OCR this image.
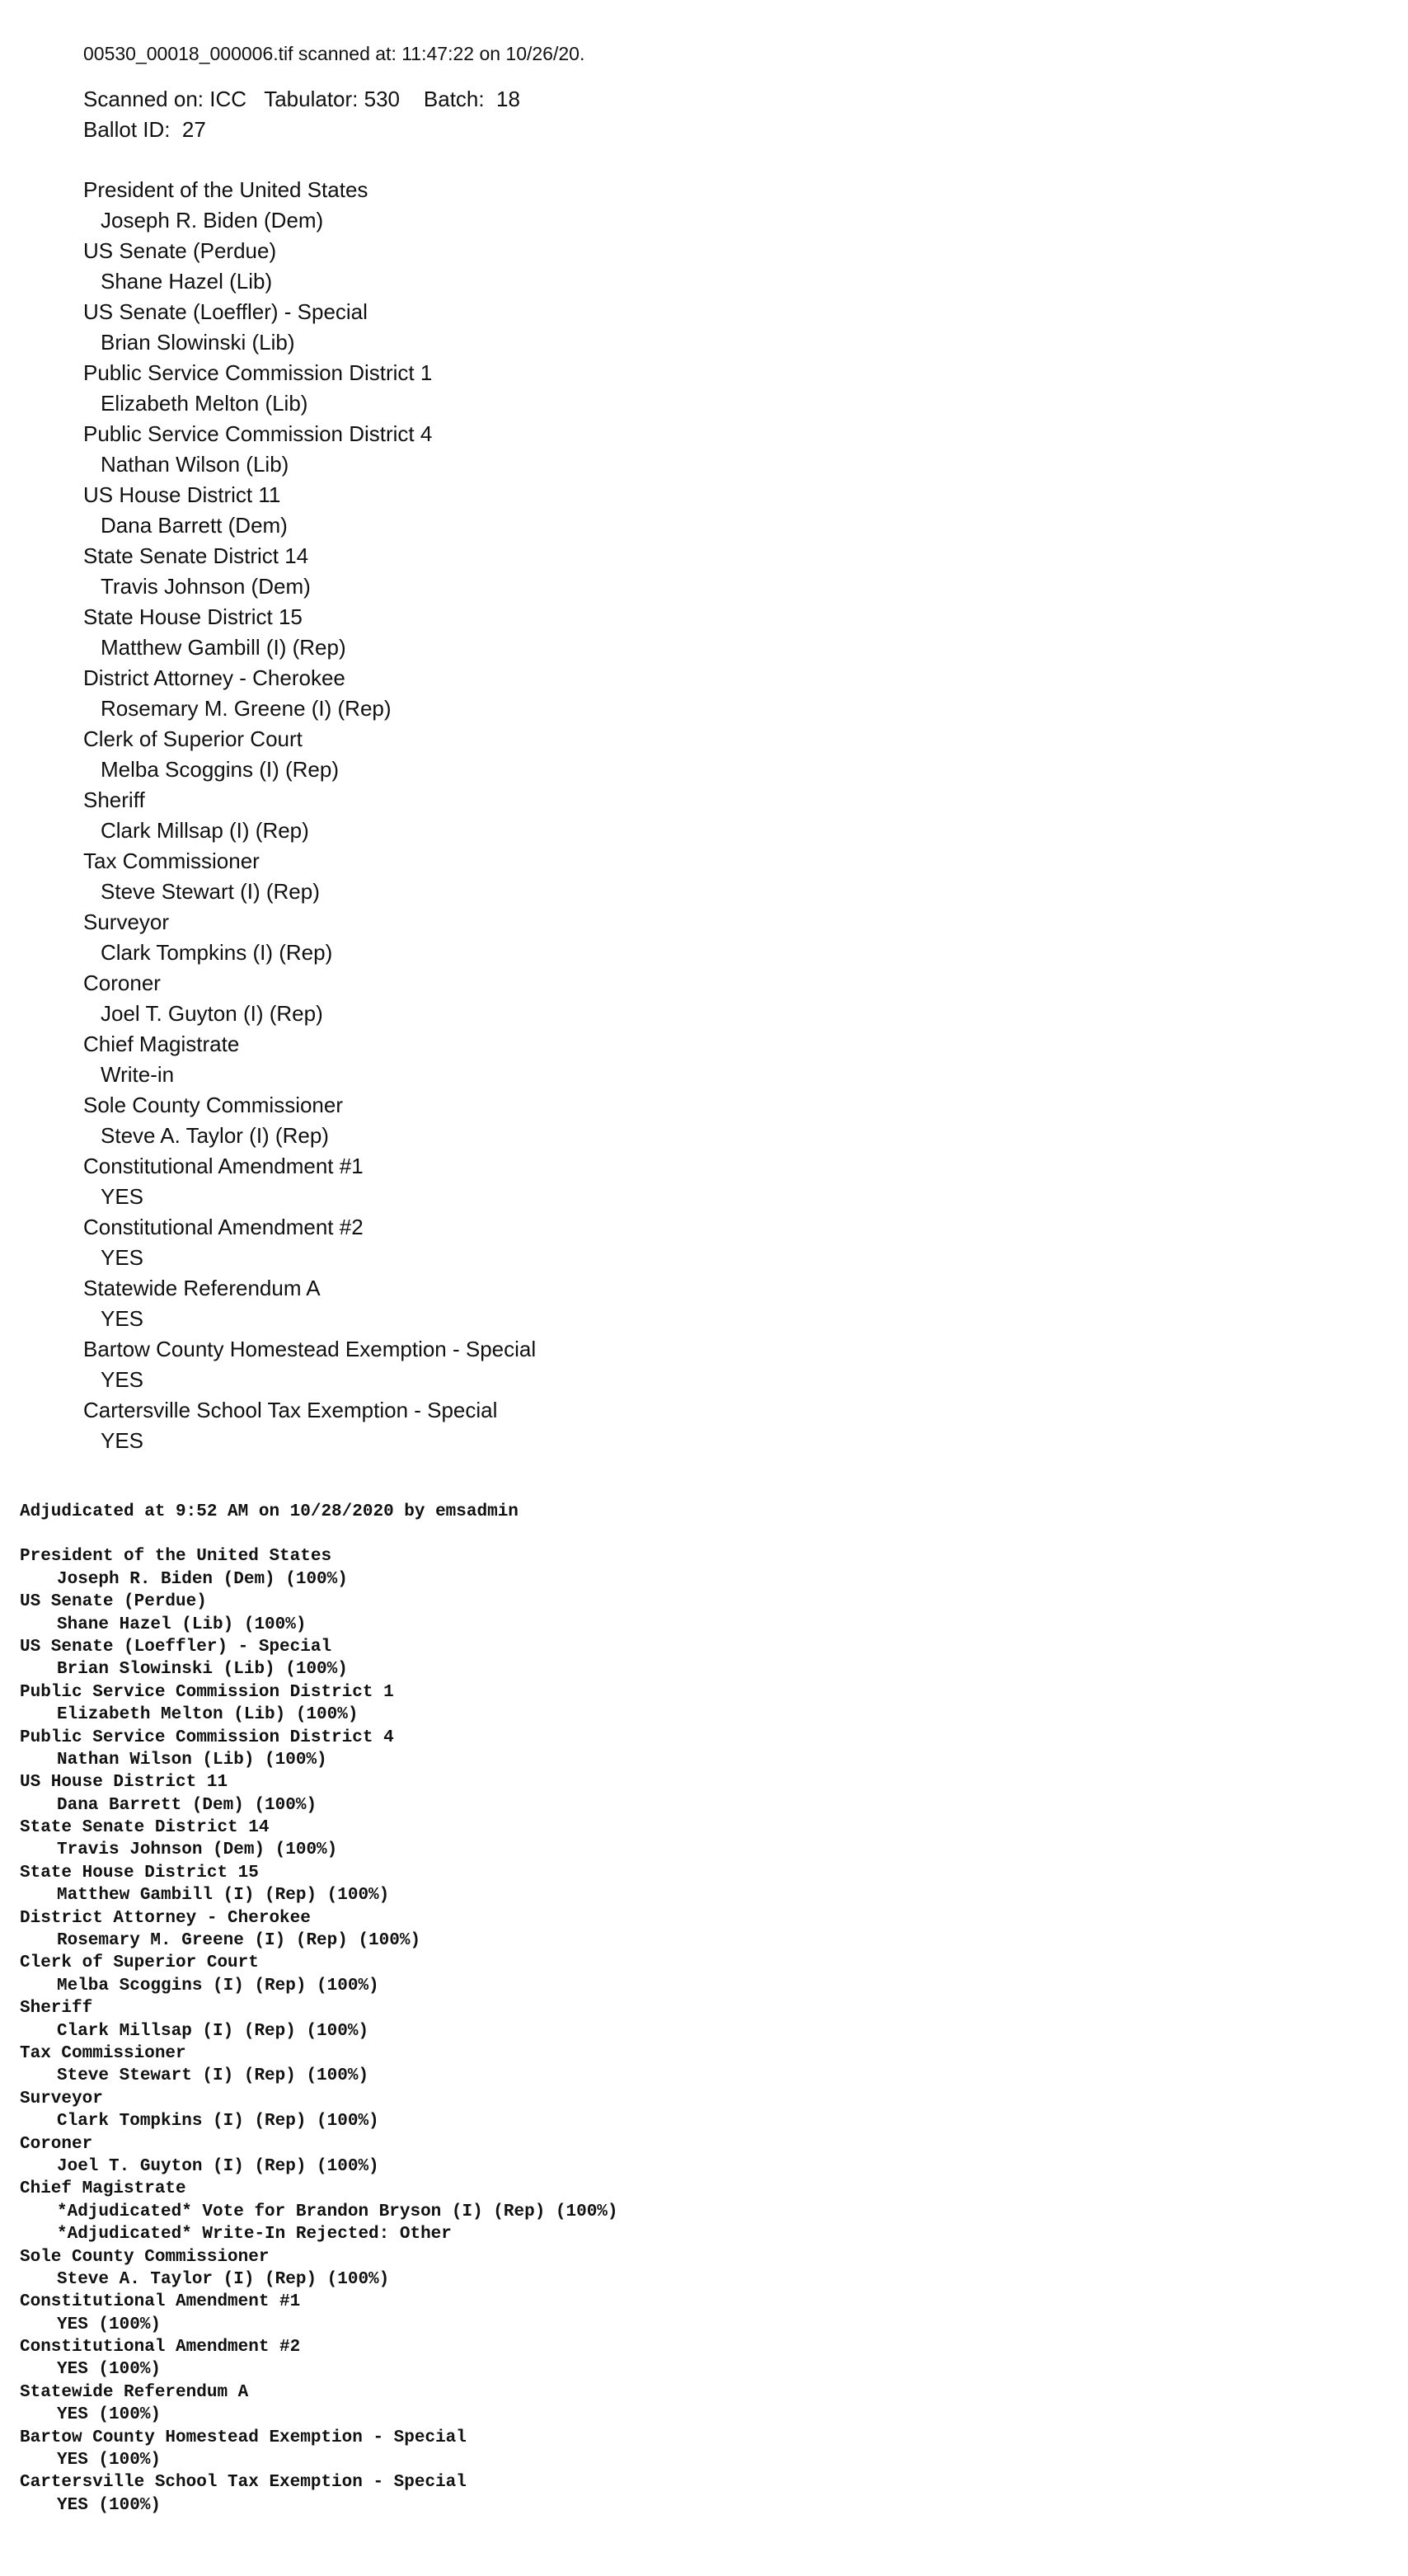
00530_00018_000006.tif scanned at: 11:47:22 on 10/26/20.
Scanned on: ICC   Tabulator: 530    Batch:  18
Ballot ID:  27
President of the United States
Joseph R. Biden (Dem)
US Senate (Perdue)
Shane Hazel (Lib)
US Senate (Loeffler) - Special
Brian Slowinski (Lib)
Public Service Commission District 1
Elizabeth Melton (Lib)
Public Service Commission District 4
Nathan Wilson (Lib)
US House District 11
Dana Barrett (Dem)
State Senate District 14
Travis Johnson (Dem)
State House District 15
Matthew Gambill (I) (Rep)
District Attorney - Cherokee
Rosemary M. Greene (I) (Rep)
Clerk of Superior Court
Melba Scoggins (I) (Rep)
Sheriff
Clark Millsap (I) (Rep)
Tax Commissioner
Steve Stewart (I) (Rep)
Surveyor
Clark Tompkins (I) (Rep)
Coroner
Joel T. Guyton (I) (Rep)
Chief Magistrate
Write-in
Sole County Commissioner
Steve A. Taylor (I) (Rep)
Constitutional Amendment #1
YES
Constitutional Amendment #2
YES
Statewide Referendum A
YES
Bartow County Homestead Exemption - Special
YES
Cartersville School Tax Exemption - Special
YES
Adjudicated at 9:52 AM on 10/28/2020 by emsadmin
President of the United States
Joseph R. Biden (Dem) (100%)
US Senate (Perdue)
Shane Hazel (Lib) (100%)
US Senate (Loeffler) - Special
Brian Slowinski (Lib) (100%)
Public Service Commission District 1
Elizabeth Melton (Lib) (100%)
Public Service Commission District 4
Nathan Wilson (Lib) (100%)
US House District 11
Dana Barrett (Dem) (100%)
State Senate District 14
Travis Johnson (Dem) (100%)
State House District 15
Matthew Gambill (I) (Rep) (100%)
District Attorney - Cherokee
Rosemary M. Greene (I) (Rep) (100%)
Clerk of Superior Court
Melba Scoggins (I) (Rep) (100%)
Sheriff
Clark Millsap (I) (Rep) (100%)
Tax Commissioner
Steve Stewart (I) (Rep) (100%)
Surveyor
Clark Tompkins (I) (Rep) (100%)
Coroner
Joel T. Guyton (I) (Rep) (100%)
Chief Magistrate
*Adjudicated* Vote for Brandon Bryson (I) (Rep) (100%)
*Adjudicated* Write-In Rejected: Other
Sole County Commissioner
Steve A. Taylor (I) (Rep) (100%)
Constitutional Amendment #1
YES (100%)
Constitutional Amendment #2
YES (100%)
Statewide Referendum A
YES (100%)
Bartow County Homestead Exemption - Special
YES (100%)
Cartersville School Tax Exemption - Special
YES (100%)
